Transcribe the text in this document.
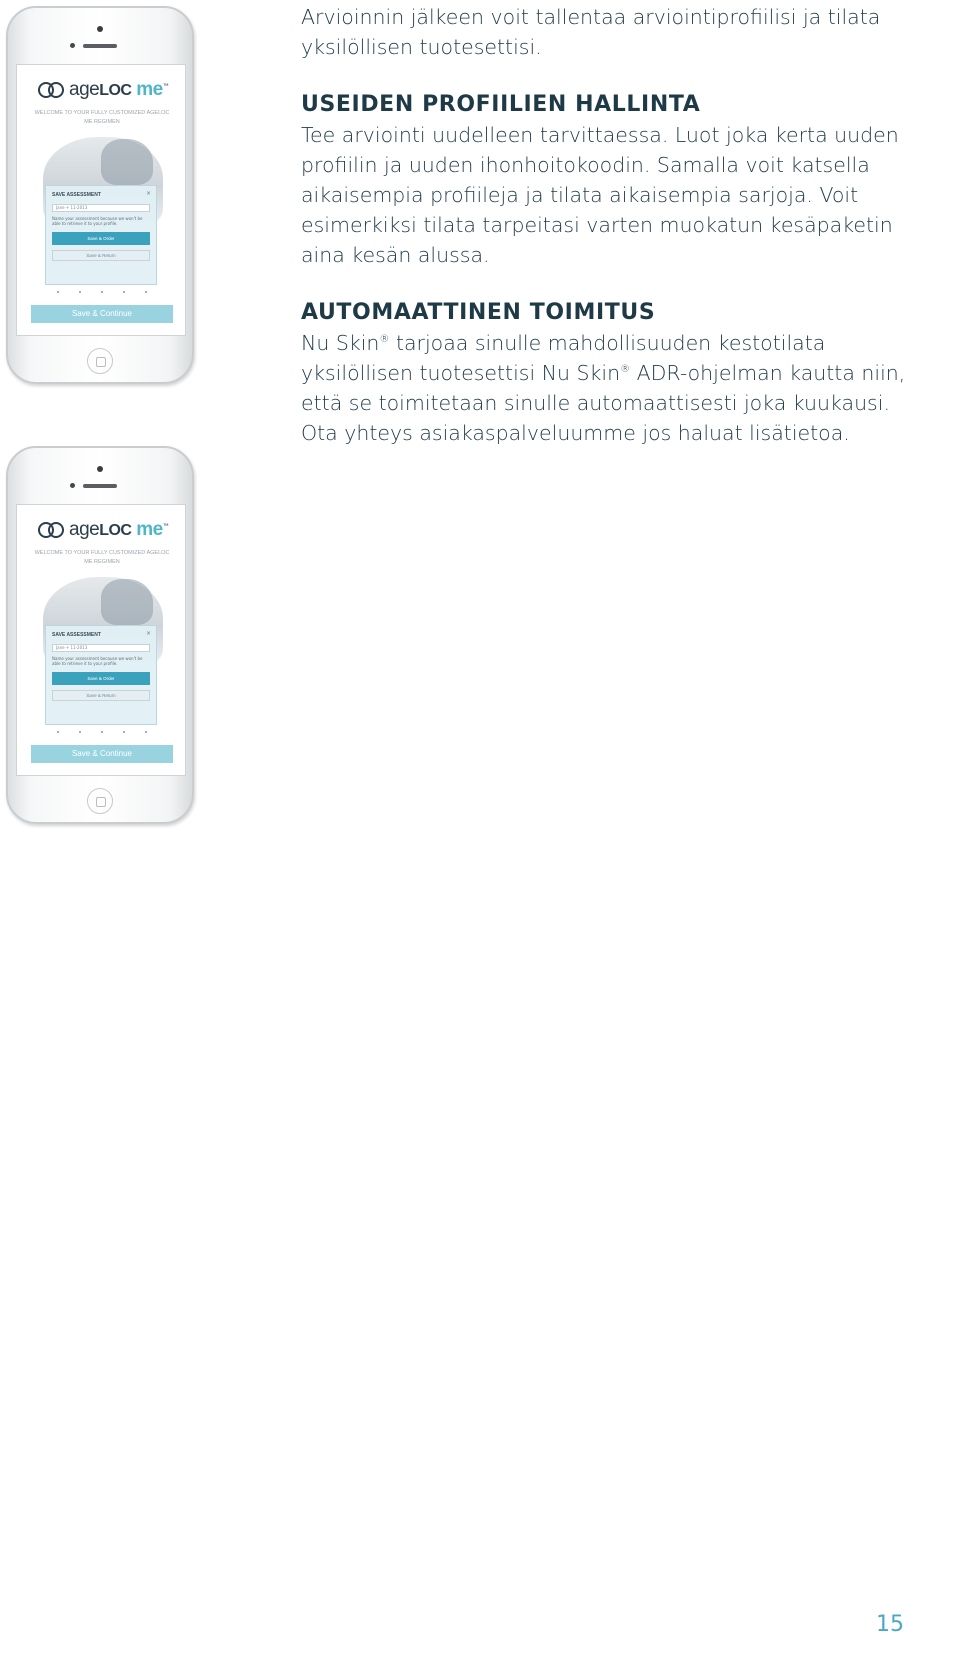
ageLOC me™
WELCOME TO YOUR FULLY CUSTOMIZED AGELOC ME REGIMEN
SAVE ASSESSMENT	×
Jane + 11-2013
Name your assessment because we won't be able to retrieve it to your profile.
Save & Order
Save & Return
Save & Continue
ageLOC me™
WELCOME TO YOUR FULLY CUSTOMIZED AGELOC ME REGIMEN
SAVE ASSESSMENT	×
Jane + 11-2013
Name your assessment because we won't be able to retrieve it to your profile.
Save & Order
Save & Return
Save & Continue

Arvioinnin jälkeen voit tallentaa arviointiprofiilisi ja tilata yksilöllisen tuotesettisi.

USEIDEN PROFIILIEN HALLINTA

Tee arviointi uudelleen tarvittaessa. Luot joka kerta uuden profiilin ja uuden ihonhoitokoodin. Samalla voit katsella aikaisempia profiileja ja tilata aikaisempia sarjoja. Voit esimerkiksi tilata tarpeitasi varten muokatun kesäpaketin aina kesän alussa.

AUTOMAATTINEN TOIMITUS

Nu Skin® tarjoaa sinulle mahdollisuuden kestotilata yksilöllisen tuotesettisi Nu Skin® ADR-ohjelman kautta niin, että se toimitetaan sinulle automaattisesti joka kuukausi. Ota yhteys asiakaspalveluumme jos haluat lisätietoa.

15
